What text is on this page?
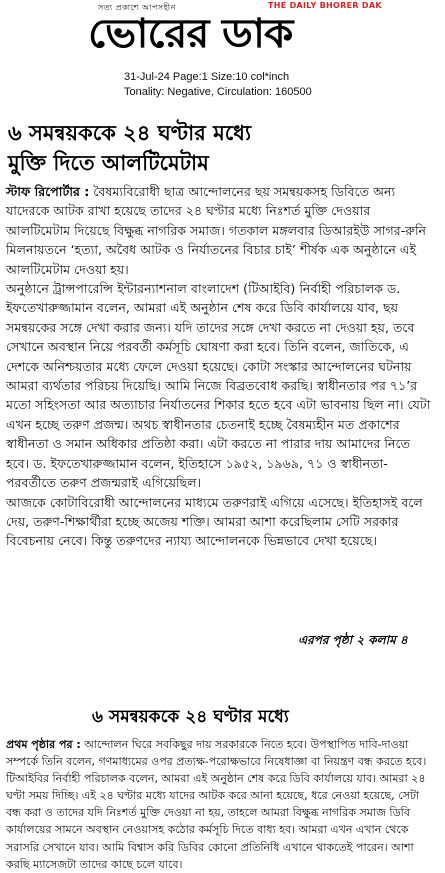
সত্য প্রকাশে আপসহীন	THE DAILY BHORER DAK
ভোরের ডাক
31-Jul-24 Page:1 Size:10 col*inch
Tonality: Negative, Circulation: 160500
৬ সমন্বয়ককে ২৪ ঘণ্টার মধ্যে
মুক্তি দিতে আলটিমেটাম
স্টাফ রিপোর্টার : বৈষম্যবিরোধী ছাত্র আন্দোলনের ছয় সমন্বয়কসহ ডিবিতে অন্য যাদেরকে আটক রাখা হয়েছে তাদের ২৪ ঘণ্টার মধ্যে নিঃশর্ত মুক্তি দেওয়ার আলটিমেটাম দিয়েছে বিক্ষুব্ধ নাগরিক সমাজ। গতকাল মঙ্গলবার ডিআরইউ সাগর-রুনি মিলনায়তনে ‘হত্যা, অবৈধ আটক ও নির্যাতনের বিচার চাই’ শীর্ষক এক অনুষ্ঠানে এই আলটিমেটাম দেওয়া হয়।
অনুষ্ঠানে ট্রান্সপারেন্সি ইন্টারন্যাশনাল বাংলাদেশ (টিআইবি) নির্বাহী পরিচালক ড. ইফতেখারুজ্জামান বলেন, আমরা এই অনুষ্ঠান শেষ করে ডিবি কার্যালয়ে যাব, ছয় সমন্বয়কের সঙ্গে দেখা করার জন্য। যদি তাদের সঙ্গে দেখা করতে না দেওয়া হয়, তবে সেখানে অবস্থান নিয়ে পরবর্তী কর্মসূচি ঘোষণা করা হবে। তিনি বলেন, জাতিকে, এ দেশকে অনিশ্চয়তার মধ্যে ফেলে দেওয়া হয়েছে। কোটা সংস্কার আন্দোলনের ঘটনায় আমরা ব্যর্থতার পরিচয় দিয়েছি। আমি নিজে বিব্রতবোধ করছি। স্বাধীনতার পর ৭১’র মতো সহিংসতা আর অত্যাচার নির্যাতনের শিকার হতে হবে এটা ভাবনায় ছিল না। যেটা এখন হচ্ছে তরুণ প্রজন্ম। অথচ স্বাধীনতার চেতনাই হচ্ছে বৈষম্যহীন মত প্রকাশের স্বাধীনতা ও সমান অধিকার প্রতিষ্ঠা করা। এটা করতে না পারার দায় আমাদের নিতে হবে। ড. ইফতেখারুজ্জামান বলেন, ইতিহাসে ১৯৫২, ১৯৬৯, ৭১ ও স্বাধীনতা-পরবর্তীতে তরুণ প্রজন্মরাই এগিয়েছিল।
আজকে কোটাবিরোধী আন্দোলনের মাধ্যমে তরুণরাই এগিয়ে এসেছে। ইতিহাসই বলে দেয়, তরুণ-শিক্ষার্থীরা হচ্ছে অজেয় শক্তি। আমরা আশা করেছিলাম সেটি সরকার বিবেচনায় নেবে। কিন্তু তরুণদের ন্যায্য আন্দোলনকে ভিন্নভাবে দেখা হয়েছে।
এরপর পৃষ্ঠা ২ কলাম ৪
৬ সমন্বয়ককে ২৪ ঘণ্টার মধ্যে
প্রথম পৃষ্ঠার পর : আন্দোলন ঘিরে সবকিছুর দায় সরকারকে নিতে হবে। উপস্থাপিত দাবি-দাওয়া সম্পর্কে তিনি বলেন, গণমাধ্যমের ওপর প্রত্যক্ষ-পরোক্ষভাবে নিষেধাজ্ঞা বা নিয়ন্ত্রণ বন্ধ করতে হবে। টিআইবির নির্বাহী পরিচালক বলেন, আমরা এই অনুষ্ঠান শেষ করে ডিবি কার্যালয়ে যাব। আমরা ২৪ ঘণ্টা সময় দিচ্ছি। এই ২৪ ঘণ্টার মধ্যে যাদের আটক করে আনা হয়েছে, ধরে নেওয়া হয়েছে, সেটা বন্ধ করা ও তাদের যদি নিঃশর্ত মুক্তি দেওয়া না হয়, তাহলে আমরা বিক্ষুব্ধ নাগরিক সমাজ ডিবি কার্যালয়ের সামনে অবস্থান নেওয়াসহ কঠোর কর্মসূচি দিতে বাধ্য হব। আমরা এখন এখান থেকে সরাসরি সেখানে যাব। আমি বিশ্বাস করি ডিবির কোনো প্রতিনিধি এখানে থাকতেই পারেন। আশা করছি ম্যাসেজটা তাদের কাছে চলে যাবে।
